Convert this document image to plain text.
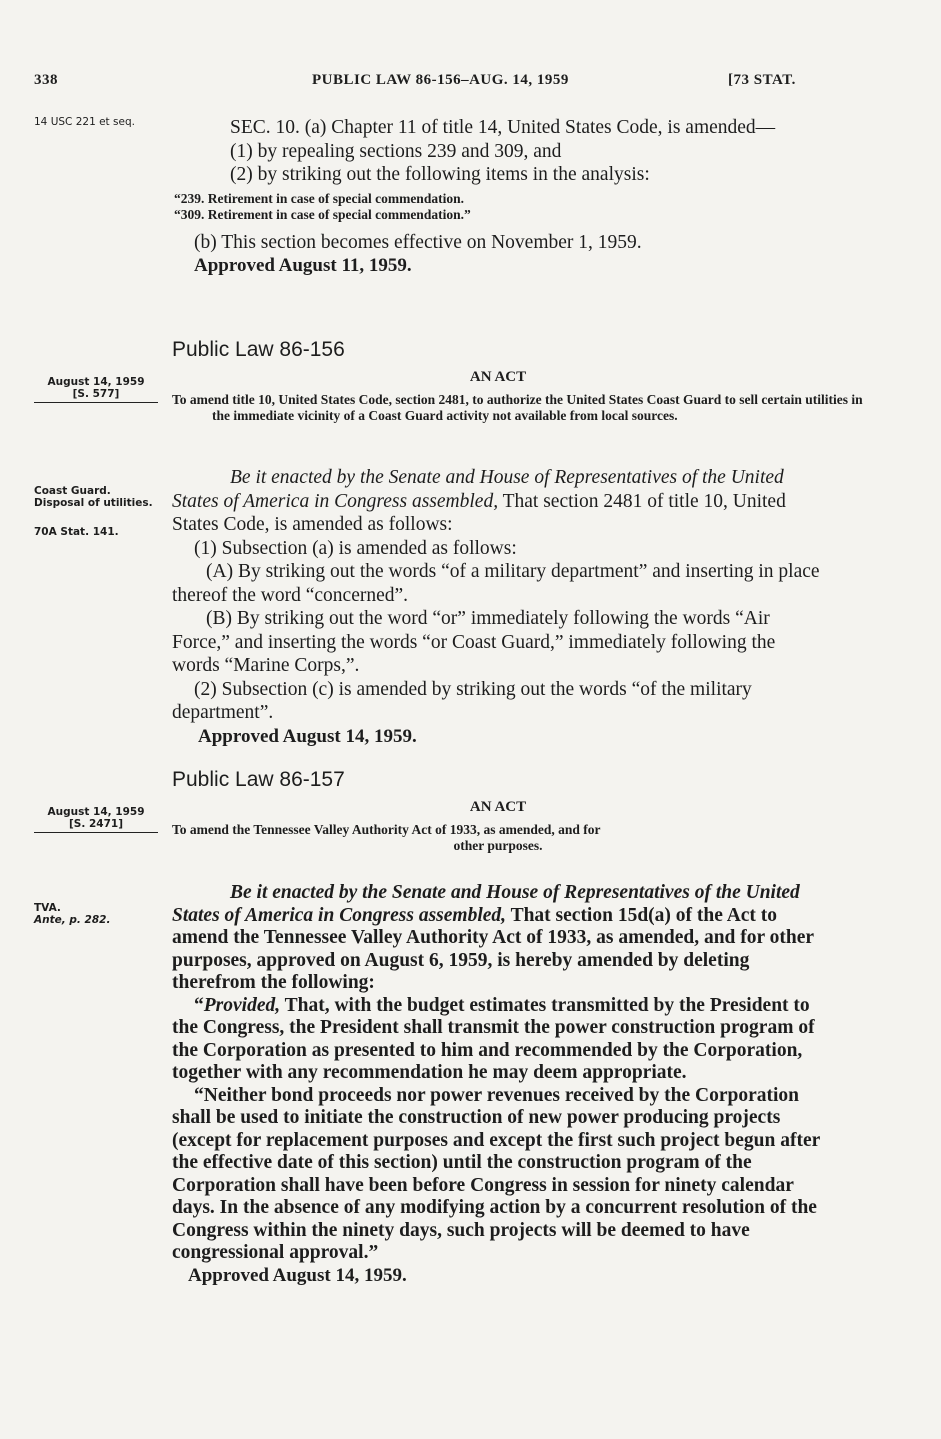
338	PUBLIC LAW 86-156–AUG. 14, 1959	[73 STAT.
14 USC 221 et seq.	SEC. 10. (a) Chapter 11 of title 14, United States Code, is amended—

(1) by repealing sections 239 and 309, and

(2) by striking out the following items in the analysis:

“239. Retirement in case of special commendation.

“309. Retirement in case of special commendation.”

(b) This section becomes effective on November 1, 1959.

Approved August 11, 1959.

Public Law 86-156
August 14, 1959
[S. 577]
AN ACT
To amend title 10, United States Code, section 2481, to authorize the United States Coast Guard to sell certain utilities in the immediate vicinity of a Coast Guard activity not available from local sources.
Coast Guard.
Disposal of utilities.
70A Stat. 141.

Be it enacted by the Senate and House of Representatives of the United States of America in Congress assembled, That section 2481 of title 10, United States Code, is amended as follows:

(1) Subsection (a) is amended as follows:

(A) By striking out the words “of a military department” and inserting in place thereof the word “concerned”.

(B) By striking out the word “or” immediately following the words “Air Force,” and inserting the words “or Coast Guard,” immediately following the words “Marine Corps,”.

(2) Subsection (c) is amended by striking out the words “of the military department”.

Approved August 14, 1959.

Public Law 86-157
August 14, 1959
[S. 2471]
AN ACT

To amend the Tennessee Valley Authority Act of 1933, as amended, and for

other purposes.

TVA.
Ante, p. 282.

Be it enacted by the Senate and House of Representatives of the United States of America in Congress assembled, That section 15d(a) of the Act to amend the Tennessee Valley Authority Act of 1933, as amended, and for other purposes, approved on August 6, 1959, is hereby amended by deleting therefrom the following:

“Provided, That, with the budget estimates transmitted by the President to the Congress, the President shall transmit the power construction program of the Corporation as presented to him and recommended by the Corporation, together with any recommendation he may deem appropriate.

“Neither bond proceeds nor power revenues received by the Corporation shall be used to initiate the construction of new power producing projects (except for replacement purposes and except the first such project begun after the effective date of this section) until the construction program of the Corporation shall have been before Congress in session for ninety calendar days. In the absence of any modifying action by a concurrent resolution of the Congress within the ninety days, such projects will be deemed to have congressional approval.”

Approved August 14, 1959.
